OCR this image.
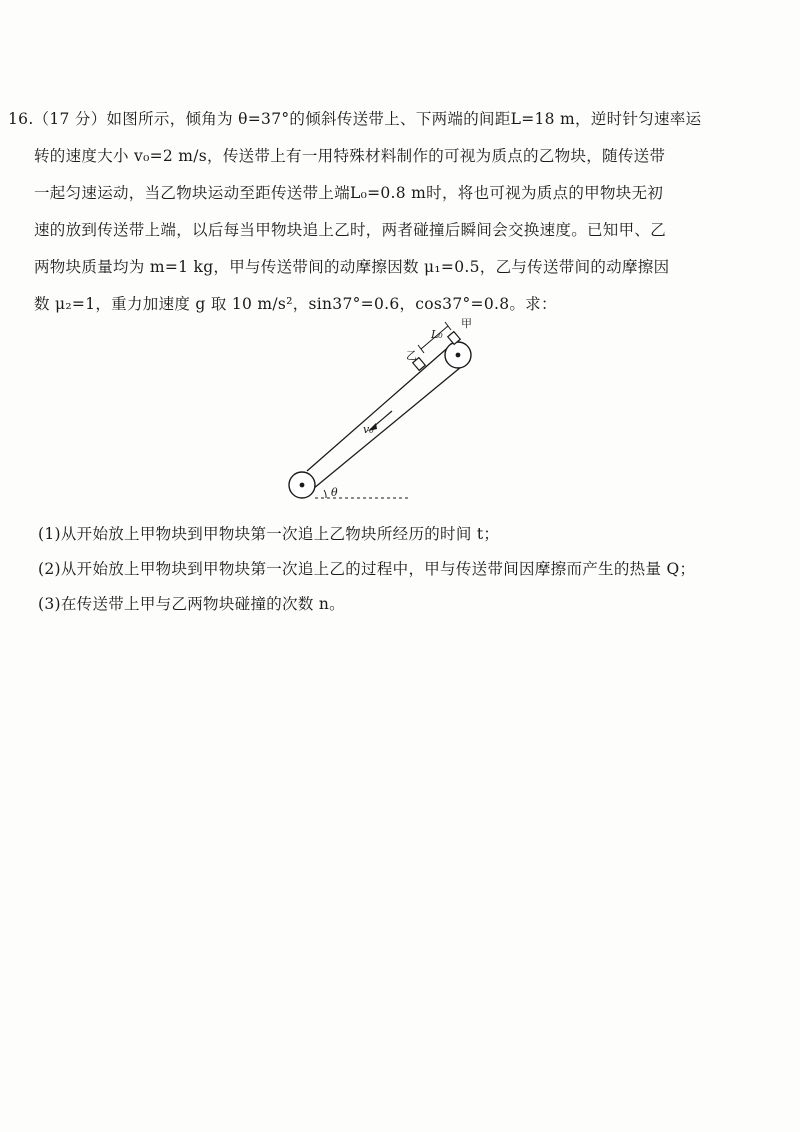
16.（17 分）如图所示，倾角为 θ=37°的倾斜传送带上、下两端的间距L=18 m，逆时针匀速率运
转的速度大小 v₀=2 m/s，传送带上有一用特殊材料制作的可视为质点的乙物块，随传送带
一起匀速运动，当乙物块运动至距传送带上端L₀=0.8 m时，将也可视为质点的甲物块无初
速的放到传送带上端，以后每当甲物块追上乙时，两者碰撞后瞬间会交换速度。已知甲、乙
两物块质量均为 m=1 kg，甲与传送带间的动摩擦因数 μ₁=0.5，乙与传送带间的动摩擦因
数 μ₂=1，重力加速度 g 取 10 m/s²，sin37°=0.6，cos37°=0.8。求：
乙
甲
L₀
v₀
θ
(1)从开始放上甲物块到甲物块第一次追上乙物块所经历的时间 t；
(2)从开始放上甲物块到甲物块第一次追上乙的过程中，甲与传送带间因摩擦而产生的热量 Q；
(3)在传送带上甲与乙两物块碰撞的次数 n。
